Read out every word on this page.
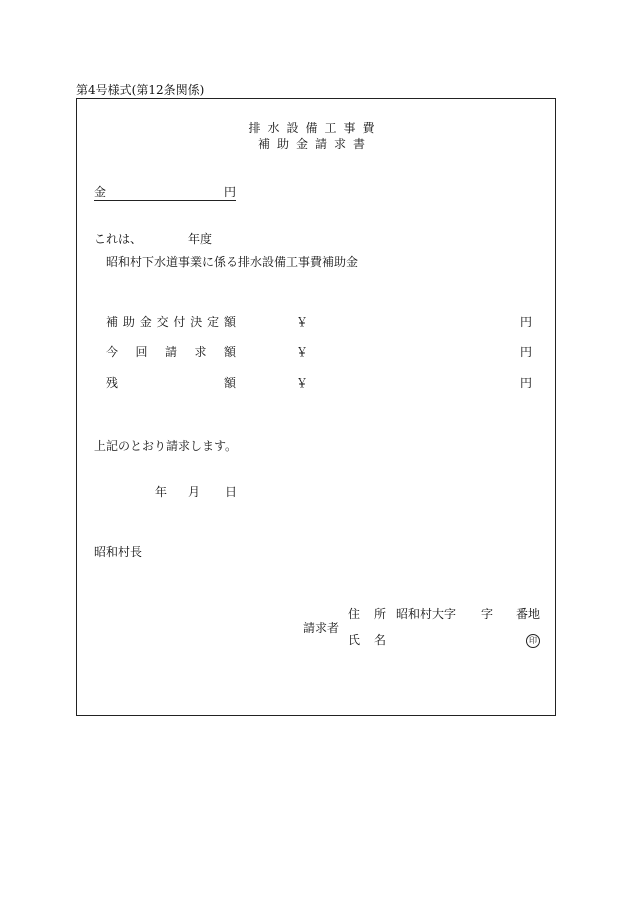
第4号様式(第12条関係)
排水設備工事費
補助金請求書
金	円
これは、	年度
昭和村下水道事業に係る排水設備工事費補助金
補助金交付決定額	￥	円
今回請求額	￥	円
残額	￥	円
上記のとおり請求します。
年 月 日
昭和村長
請求者
住所 昭和村大字 字 番地
氏名	印
